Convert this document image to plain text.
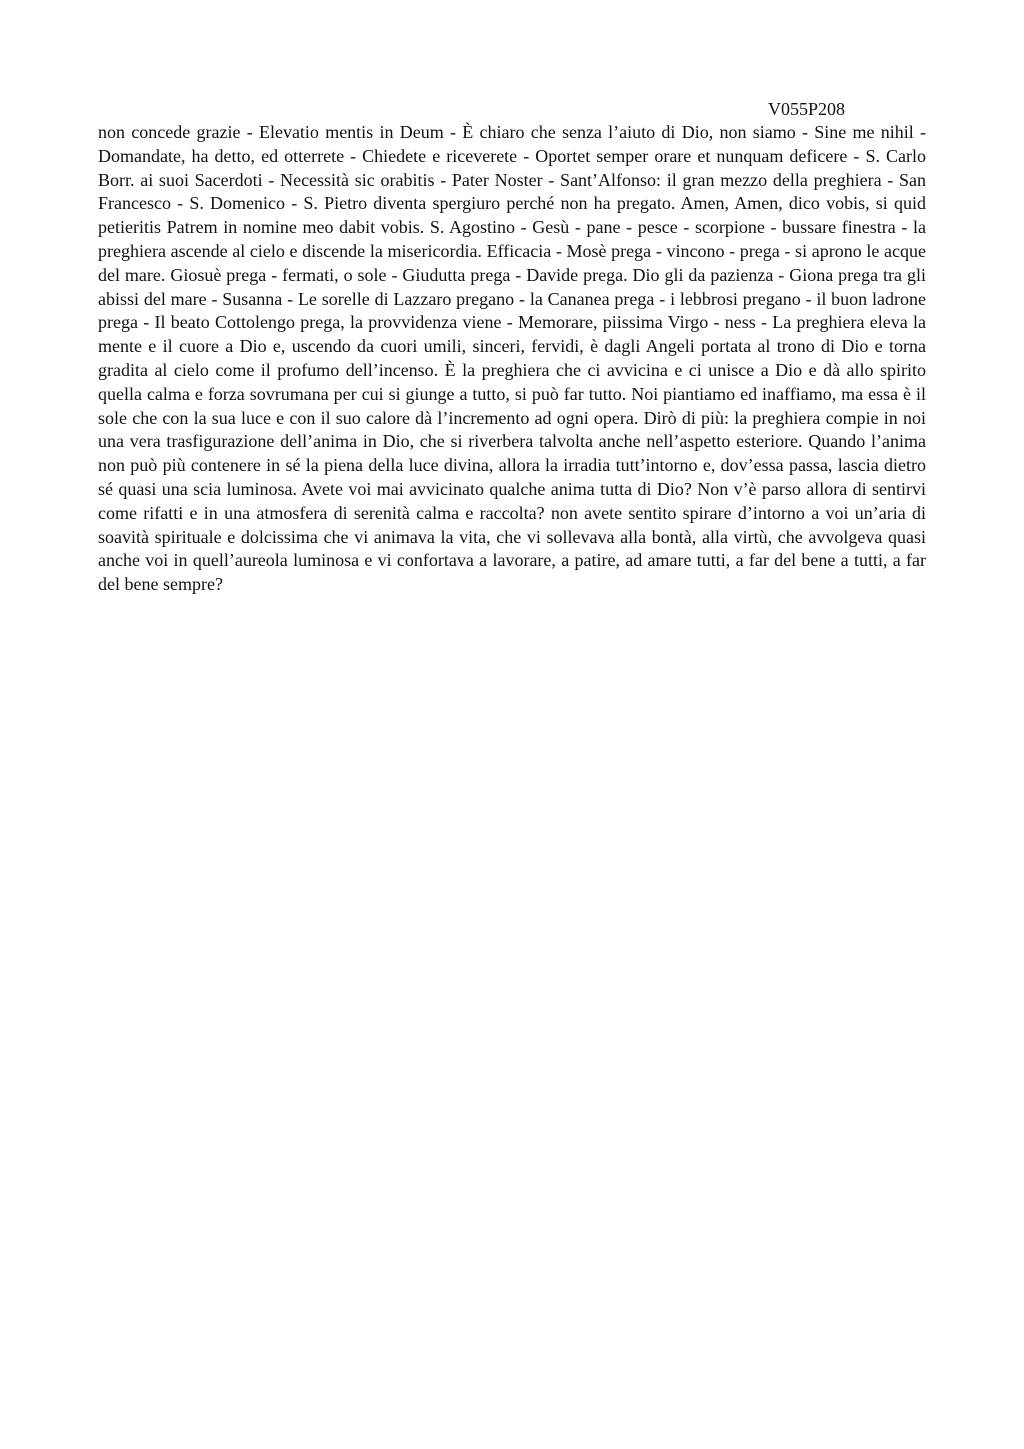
V055P208

non concede grazie - Elevatio mentis in Deum - È chiaro che senza l’aiuto di Dio, non siamo - Sine me nihil - Domandate, ha detto, ed otterrete - Chiedete e riceverete - Oportet semper orare et nunquam deficere - S. Carlo Borr. ai suoi Sacerdoti - Necessità sic orabitis - Pater Noster - Sant’Alfonso: il gran mezzo della preghiera - San Francesco - S. Domenico - S. Pietro diventa spergiuro perché non ha pregato. Amen, Amen, dico vobis, si quid petieritis Patrem in nomine meo dabit vobis. S. Agostino - Gesù - pane - pesce - scorpione - bussare finestra - la preghiera ascende al cielo e discende la misericordia. Efficacia - Mosè prega - vincono - prega - si aprono le acque del mare. Giosuè prega - fermati, o sole - Giudutta prega - Davide prega. Dio gli da pazienza - Giona prega tra gli abissi del mare - Susanna - Le sorelle di Lazzaro pregano - la Cananea prega - i lebbrosi pregano - il buon ladrone prega - Il beato Cottolengo prega, la provvidenza viene - Memorare, piissima Virgo - ness - La preghiera eleva la mente e il cuore a Dio e, uscendo da cuori umili, sinceri, fervidi, è dagli Angeli portata al trono di Dio e torna gradita al cielo come il profumo dell’incenso. È la preghiera che ci avvicina e ci unisce a Dio e dà allo spirito quella calma e forza sovrumana per cui si giunge a tutto, si può far tutto. Noi piantiamo ed inaffiamo, ma essa è il sole che con la sua luce e con il suo calore dà l’incremento ad ogni opera. Dirò di più: la preghiera compie in noi una vera trasfigurazione dell’anima in Dio, che si riverbera talvolta anche nell’aspetto esteriore. Quando l’anima non può più contenere in sé la piena della luce divina, allora la irradia tutt’intorno e, dov’essa passa, lascia dietro sé quasi una scia luminosa. Avete voi mai avvicinato qualche anima tutta di Dio? Non v’è parso allora di sentirvi come rifatti e in una atmosfera di serenità calma e raccolta? non avete sentito spirare d’intorno a voi un’aria di soavità spirituale e dolcissima che vi animava la vita, che vi sollevava alla bontà, alla virtù, che avvolgeva quasi anche voi in quell’aureola luminosa e vi confortava a lavorare, a patire, ad amare tutti, a far del bene a tutti, a far del bene sempre?
